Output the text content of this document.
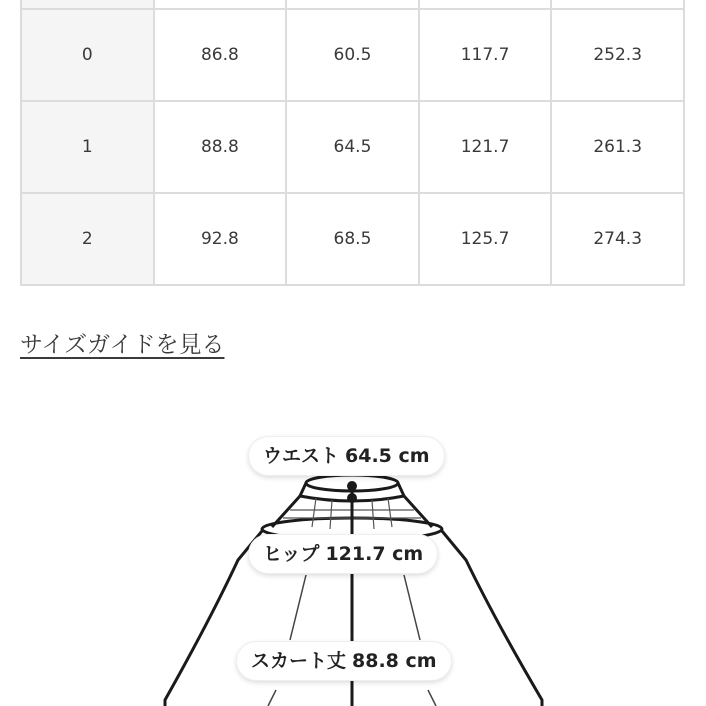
0	86.8	60.5	117.7	252.3
1	88.8	64.5	121.7	261.3
2	92.8	68.5	125.7	274.3
サイズガイドを見る
ウエスト 64.5 cm
ヒップ 121.7 cm
スカート丈 88.8 cm
